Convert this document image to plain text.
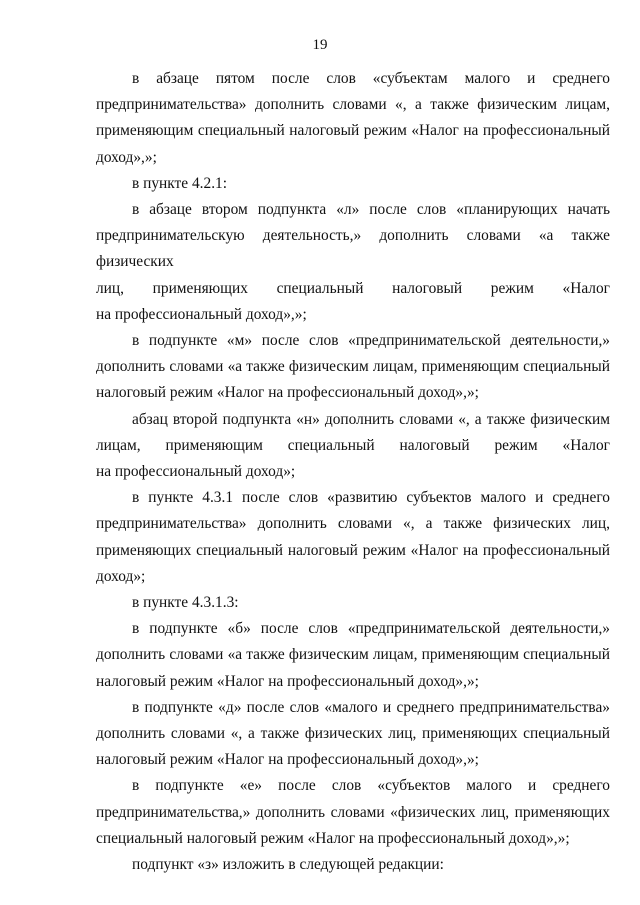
19
в абзаце пятом после слов «субъектам малого и среднего
предпринимательства» дополнить словами «, а также физическим лицам,
применяющим специальный налоговый режим «Налог на профессиональный
доход»,»;
в пункте 4.2.1:
в абзаце втором подпункта «л» после слов «планирующих начать
предпринимательскую деятельность,» дополнить словами «а также физических
лиц, применяющих специальный налоговый режим «Налог
на профессиональный доход»,»;
в подпункте «м» после слов «предпринимательской деятельности,»
дополнить словами «а также физическим лицам, применяющим специальный
налоговый режим «Налог на профессиональный доход»,»;
абзац второй подпункта «н» дополнить словами «, а также физическим
лицам, применяющим специальный налоговый режим «Налог
на профессиональный доход»;
в пункте 4.3.1 после слов «развитию субъектов малого и среднего
предпринимательства» дополнить словами «, а также физических лиц,
применяющих специальный налоговый режим «Налог на профессиональный
доход»;
в пункте 4.3.1.3:
в подпункте «б» после слов «предпринимательской деятельности,»
дополнить словами «а также физическим лицам, применяющим специальный
налоговый режим «Налог на профессиональный доход»,»;
в подпункте «д» после слов «малого и среднего предпринимательства»
дополнить словами «, а также физических лиц, применяющих специальный
налоговый режим «Налог на профессиональный доход»,»;
в подпункте «е» после слов «субъектов малого и среднего
предпринимательства,» дополнить словами «физических лиц, применяющих
специальный налоговый режим «Налог на профессиональный доход»,»;
подпункт «з» изложить в следующей редакции:
